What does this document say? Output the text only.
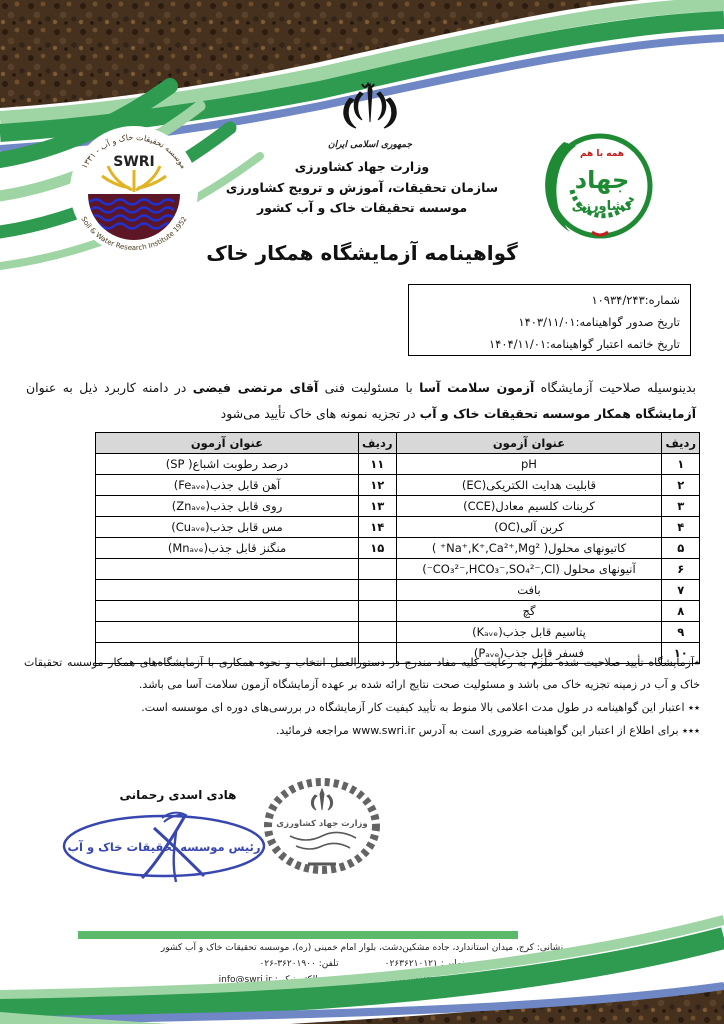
موسسه تحقیقات خاک و آب - ۱۳۳۱
Soil & Water Research Institute 1952
SWRI
جمهوری اسلامی ایران
همه با هم
جهاد
کشاورزی
وزارت جهاد کشاورزی
سازمان تحقیقات، آموزش و ترویج کشاورزی
موسسه تحقیقات خاک و آب کشور
گواهینامه آزمایشگاه همکار خاک
شماره:۱۰۹۳۴/۲۴۳
تاریخ صدور گواهینامه:۱۴۰۳/۱۱/۰۱
تاریخ خاتمه اعتبار گواهینامه:۱۴۰۴/۱۱/۰۱

بدینوسیله صلاحیت آزمایشگاه آزمون سلامت آسا با مسئولیت فنی آقای مرتضی فیضی در دامنه کاربرد ذیل به عنوان آزمایشگاه همکار موسسه تحقیقات خاک و آب در تجزیه نمونه های خاک تأیید می‌شود

ردیف	عنوان آزمون	ردیف	عنوان آزمون
۱	pH	۱۱	درصد رطوبت اشباع( SP)
۲	قابلیت هدایت الکتریکی(EC)	۱۲	آهن قابل جذب(Feₐᵥₑ)
۳	کربنات کلسیم معادل(CCE)	۱۳	روی قابل جذب(Znₐᵥₑ)
۴	کربن آلی(OC)	۱۴	مس قابل جذب(Cuₐᵥₑ)
۵	کاتیونهای محلول( Na⁺,K⁺,Ca²⁺,Mg²⁺ )	۱۵	منگنز قابل جذب(Mnₐᵥₑ)
۶	آنیونهای محلول (CO₃²⁻,HCO₃⁻,SO₄²⁻,Cl⁻)		
۷	بافت		
۸	گچ		
۹	پتاسیم قابل جذب(Kₐᵥₑ)		
۱۰	فسفر قابل جذب(Pₐᵥₑ)		

٭آزمایشگاه تأیید صلاحیت شده ملزم به رعایت کلیه مفاد مندرج در دستورالعمل انتخاب و نحوه همکاری با آزمایشگاه‌های همکار موسسه تحقیقات خاک و آب در زمینه تجزیه خاک می باشد و مسئولیت صحت نتایج ارائه شده بر عهده آزمایشگاه آزمون سلامت آسا می باشد.

٭٭ اعتبار این گواهینامه در طول مدت اعلامی بالا منوط به تأیید کیفیت کار آزمایشگاه در بررسی‌های دوره ای موسسه است.

٭٭٭ برای اطلاع از اعتبار این گواهینامه ضروری است به آدرس www.swri.ir مراجعه فرمائید.

هادی اسدی رحمانی
رئیس موسسه تحقیقات خاک و آب
وزارت جهاد کشاورزی
نشانی: کرج، میدان استاندارد، جاده مشکین‌دشت، بلوار امام خمینی (ره)، موسسه تحقیقات خاک و آب کشور
نمابر : ۰۲۶۳۶۲۱۰۱۲۱
تلفن: ۰۲۶-۳۶۲۰۱۹۰۰
وب‌سایت: http://www.swri.ir
پست الکترونیکی: info@swri.ir
